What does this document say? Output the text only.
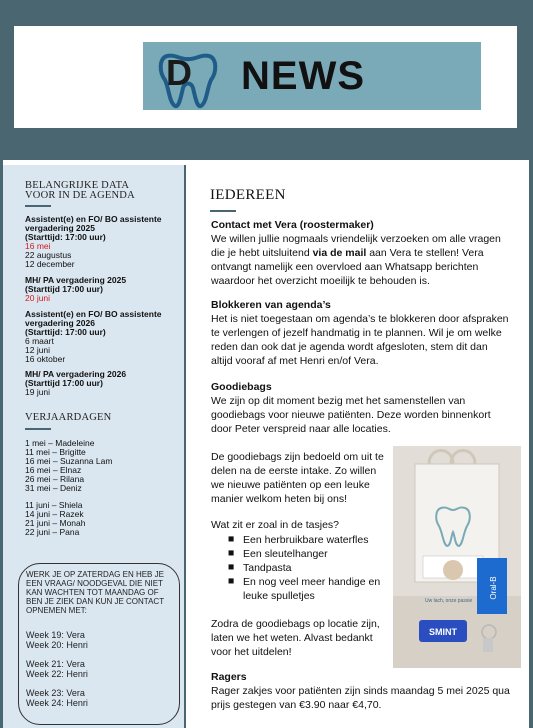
D NEWS
BELANGRIJKE DATA
VOOR IN DE AGENDA
Assistent(e) en FO/ BO assistente
vergadering 2025
(Starttijd: 17:00 uur)
16 mei
22 augustus
12 december
MH/ PA vergadering 2025
(Starttijd 17:00 uur)
20 juni
Assistent(e) en FO/ BO assistente
vergadering 2026
(Starttijd: 17:00 uur)
6 maart
12 juni
16 oktober
MH/ PA vergadering 2026
(Starttijd 17:00 uur)
19 juni
VERJAARDAGEN
1 mei – Madeleine
11 mei – Brigitte
16 mei – Suzanna Lam
16 mei – Elnaz
26 mei – Rilana
31 mei – Deniz
11 juni – Shiela
14 juni – Razek
21 juni – Monah
22 juni – Pana
WERK JE OP ZATERDAG EN HEB JE
EEN VRAAG/ NOODGEVAL DIE NIET
KAN WACHTEN TOT MAANDAG OF
BEN JE ZIEK DAN KUN JE CONTACT
OPNEMEN MET:
Week 19: Vera
Week 20: Henri
Week 21: Vera
Week 22: Henri
Week 23: Vera
Week 24: Henri
IEDEREEN
Contact met Vera (roostermaker)
We willen jullie nogmaals vriendelijk verzoeken om alle vragen
die je hebt uitsluitend via de mail aan Vera te stellen! Vera
ontvangt namelijk een overvloed aan Whatsapp berichten
waardoor het overzicht moeilijk te behouden is.
Blokkeren van agenda’s
Het is niet toegestaan om agenda’s te blokkeren door afspraken
te verlengen of jezelf handmatig in te plannen. Wil je om welke
reden dan ook dat je agenda wordt afgesloten, stem dit dan
altijd vooraf af met Henri en/of Vera.
Goodiebags
We zijn op dit moment bezig met het samenstellen van
goodiebags voor nieuwe patiënten. Deze worden binnenkort
door Peter verspreid naar alle locaties.
De goodiebags zijn bedoeld om uit te
delen na de eerste intake. Zo willen
we nieuwe patiënten op een leuke
manier welkom heten bij ons!
Wat zit er zoal in de tasjes?
■ Een herbruikbare waterfles
■ Een sleutelhanger
■ Tandpasta
■ En nog veel meer handige en
leuke spulletjes
Zodra de goodiebags op locatie zijn,
laten we het weten. Alvast bedankt
voor het uitdelen!
Ragers
Rager zakjes voor patiënten zijn sinds maandag 5 mei 2025 qua
prijs gestegen van €3.90 naar €4,70.
Oral-B
Uw lach, onze passie
SMINT
